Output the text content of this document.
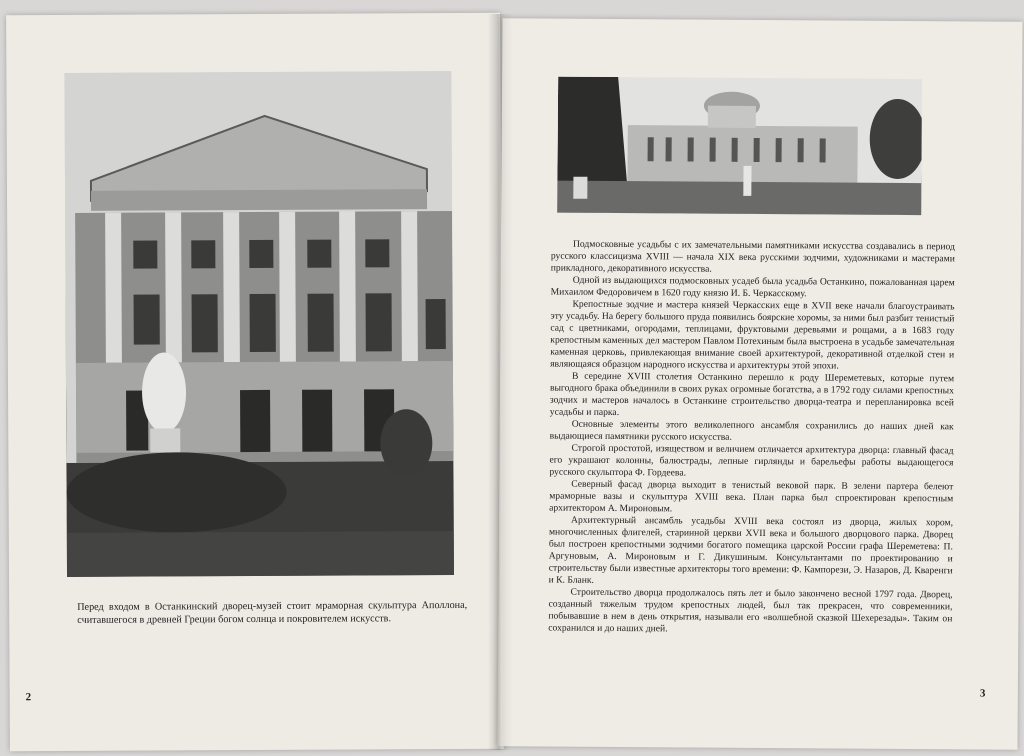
Перед входом в Останкинский дворец-музей стоит мраморная скульптура Аполлона, считавшегося в древней Греции богом солнца и покровителем искусств.
2

Подмосковные усадьбы с их замечательными памятниками искусства создавались в период русского классицизма XVIII — начала XIX века русскими зодчими, художниками и мастерами прикладного, декоративного искусства.

Одной из выдающихся подмосковных усадеб была усадьба Останкино, пожалованная царем Михаилом Федоровичем в 1620 году князю И. Б. Черкасскому.

Крепостные зодчие и мастера князей Черкасских еще в XVII веке начали благоустраивать эту усадьбу. На берегу большого пруда появились боярские хоромы, за ними был разбит тенистый сад с цветниками, огородами, теплицами, фруктовыми деревьями и рощами, а в 1683 году крепостным каменных дел мастером Павлом Потехиным была выстроена в усадьбе замечательная каменная церковь, привлекающая внимание своей архитектурой, декоративной отделкой стен и являющаяся образцом народного искусства и архитектуры этой эпохи.

В середине XVIII столетия Останкино перешло к роду Шереметевых, которые путем выгодного брака объединили в своих руках огромные богатства, а в 1792 году силами крепостных зодчих и мастеров началось в Останкине строительство дворца-театра и перепланировка всей усадьбы и парка.

Основные элементы этого великолепного ансамбля сохранились до наших дней как выдающиеся памятники русского искусства.

Строгой простотой, изяществом и величием отличается архитектура дворца: главный фасад его украшают колонны, балюстрады, лепные гирлянды и барельефы работы выдающегося русского скульптора Ф. Гордеева.

Северный фасад дворца выходит в тенистый вековой парк. В зелени партера белеют мраморные вазы и скульптура XVIII века. План парка был спроектирован крепостным архитектором А. Мироновым.

Архитектурный ансамбль усадьбы XVIII века состоял из дворца, жилых хором, многочисленных флигелей, старинной церкви XVII века и большого дворцового парка. Дворец был построен крепостными зодчими богатого помещика царской России графа Шереметева: П. Аргуновым, А. Мироновым и Г. Дикушиным. Консультантами по проектированию и строительству были известные архитекторы того времени: Ф. Кампорези, Э. Назаров, Д. Кваренги и К. Бланк.

Строительство дворца продолжалось пять лет и было закончено весной 1797 года. Дворец, созданный тяжелым трудом крепостных людей, был так прекрасен, что современники, побывавшие в нем в день открытия, называли его «волшебной сказкой Шехерезады». Таким он сохранился и до наших дней.

3
